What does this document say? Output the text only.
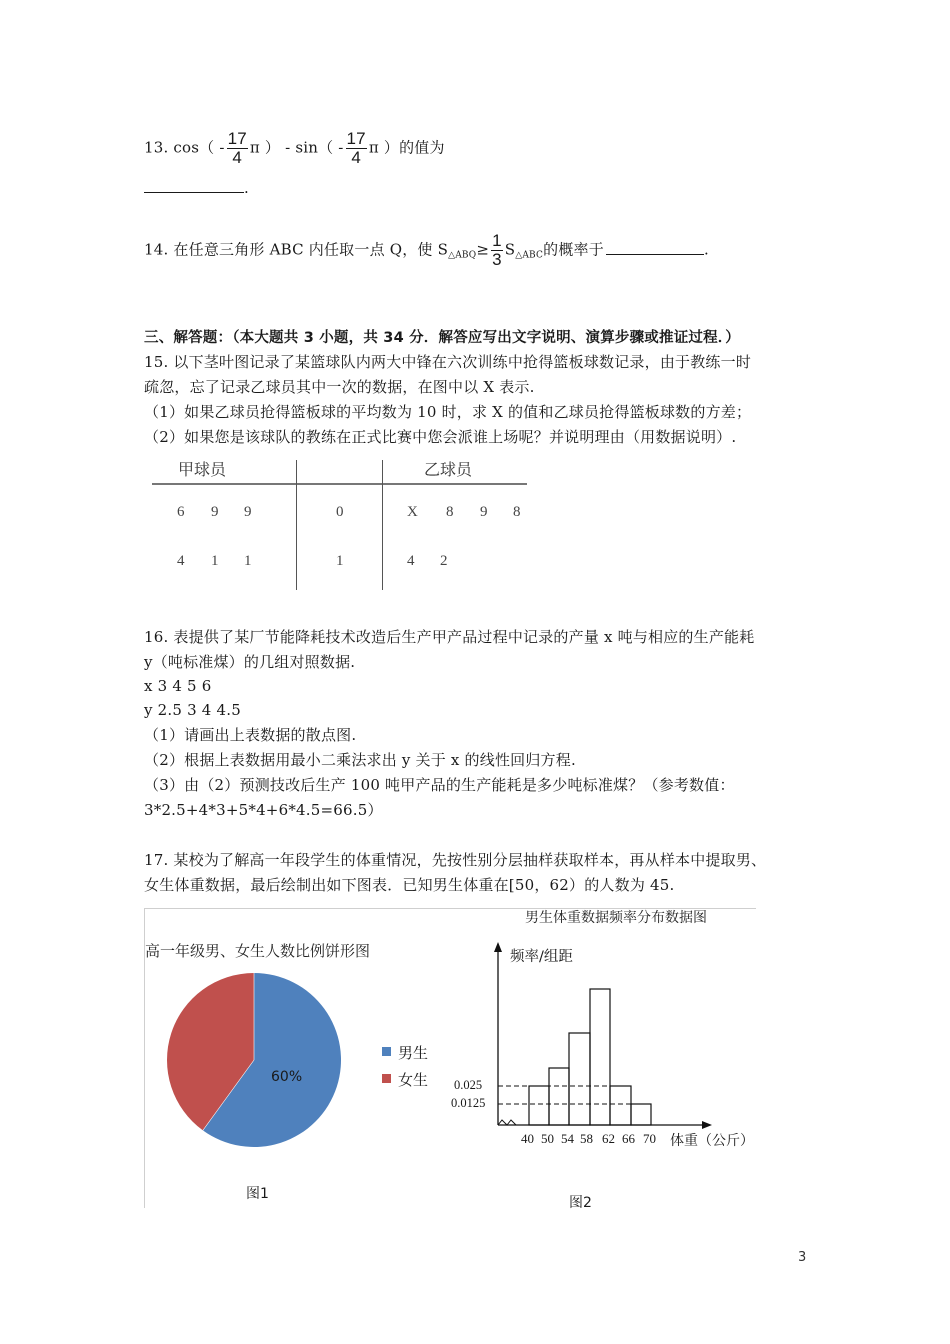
13. $\cos( - \frac{17}{4}$ π ） - $\sin( - \frac{17}{4}$ π ）的值为
.
14. 在任意三角形 ABC 内任取一点 Q，使 $S_{\triangle ABQ}\ge \frac{1}{3} S_{\triangle ABC}$的概率于	.
三、解答题：（本大题共 3 小题，共 34 分．解答应写出文字说明、演算步骤或推证过程．）
15. 以下茎叶图记录了某篮球队内两大中锋在六次训练中抢得篮板球数记录，由于教练一时
疏忽，忘了记录乙球员其中一次的数据，在图中以 X 表示.
（1）如果乙球员抢得篮板球的平均数为 10 时，求 X 的值和乙球员抢得篮板球数的方差；
（2）如果您是该球队的教练在正式比赛中您会派谁上场呢？并说明理由（用数据说明）.
甲球员	乙球员
6 9 9	0	X 8 9 8
4 1 1	1	4 2
16. 表提供了某厂节能降耗技术改造后生产甲产品过程中记录的产量 x 吨与相应的生产能耗
y（吨标准煤）的几组对照数据.
x 3 4 5 6
y 2.5 3 4 4.5
（1）请画出上表数据的散点图.
（2）根据上表数据用最小二乘法求出 y 关于 x 的线性回归方程.
（3）由（2）预测技改后生产 100 吨甲产品的生产能耗是多少吨标准煤？（参考数值：
3*2.5+4*3+5*4+6*4.5=66.5）
17. 某校为了解高一年段学生的体重情况，先按性别分层抽样获取样本，再从样本中提取男、
女生体重数据，最后绘制出如下图表．已知男生体重在[50，62）的人数为 45.
高一年级男、女生人数比例饼形图
60%
男生
女生
图1
男生体重数据频率分布数据图
频率/组距
0.025
0.0125
40 50 54 58 62 66 70 体重（公斤）
图2
3
